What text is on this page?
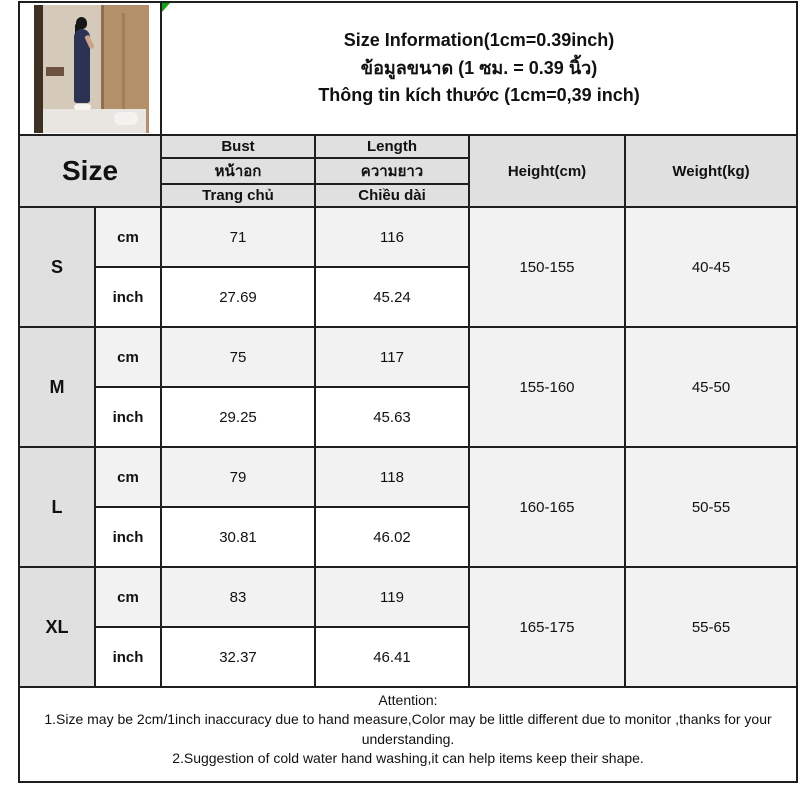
		Size Information(1cm=0.39inch)
ข้อมูลขนาด (1 ซม. = 0.39 นิ้ว)
Thông tin kích thước (1cm=0,39 inch)			

Size		Bust	Length	Height(cm)	Weight(kg)
		หน้าอก	ความยาว		
		Trang chủ	Chiều dài		
S	cm	71	116	150-155	40-45
	inch	27.69	45.24		
M	cm	75	117	155-160	45-50
	inch	29.25	45.63		
L	cm	79	118	160-165	50-55
	inch	30.81	46.02		
XL	cm	83	119	165-175	55-65
	inch	32.37	46.41		

Attention:
1.Size may be 2cm/1inch inaccuracy due to hand measure,Color may be little different due to monitor ,thanks for your understanding.
2.Suggestion of cold water hand washing,it can help items keep their shape.					
